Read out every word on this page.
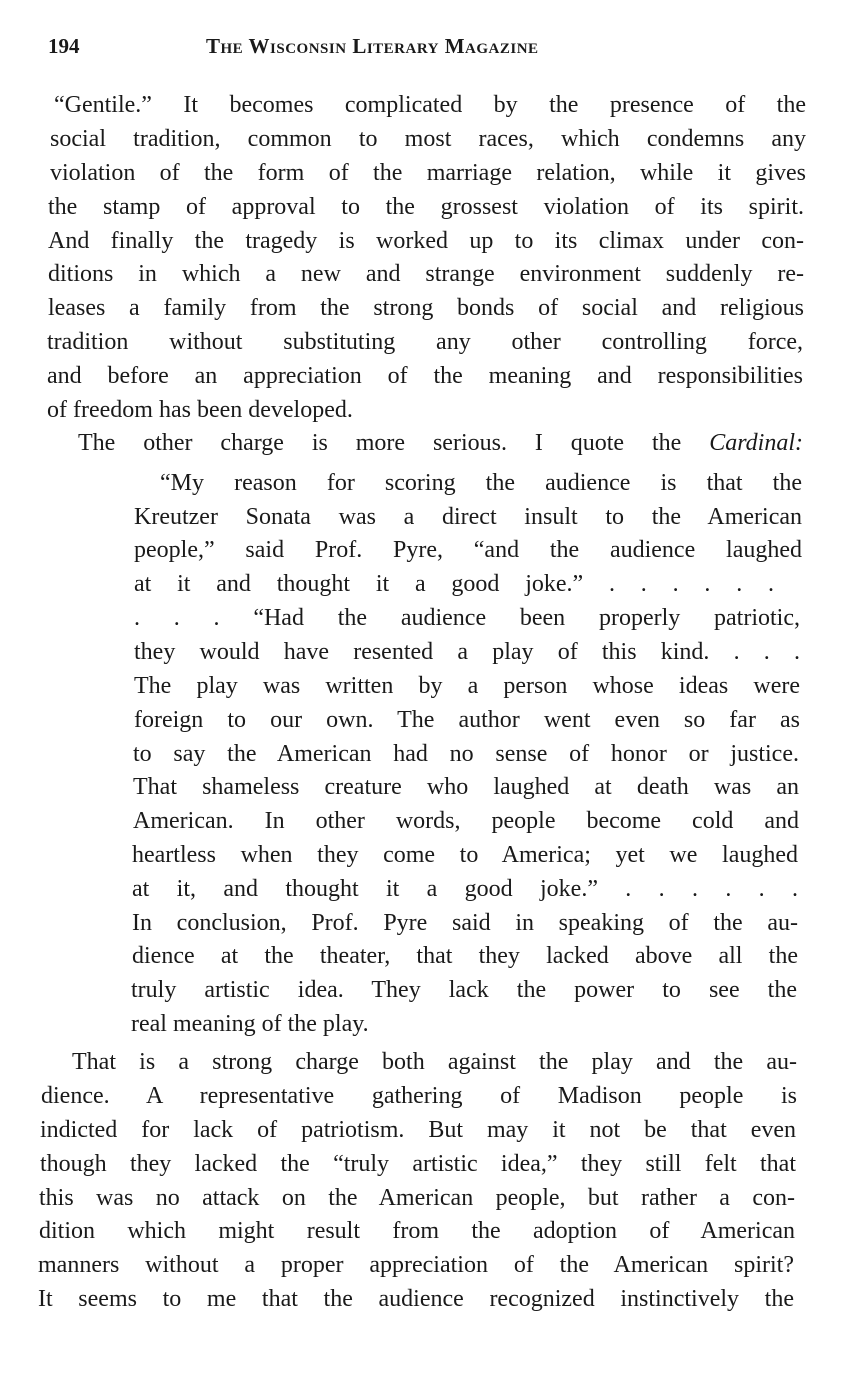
194	The Wisconsin Literary Magazine
“Gentile.” It becomes complicated by the presence of the
social tradition, common to most races, which condemns any
violation of the form of the marriage relation, while it gives
the stamp of approval to the grossest violation of its spirit.
And finally the tragedy is worked up to its climax under con-
ditions in which a new and strange environment suddenly re-
leases a family from the strong bonds of social and religious
tradition without substituting any other controlling force,
and before an appreciation of the meaning and responsibilities
of freedom has been developed.
The other charge is more serious. I quote the Cardinal:
“My reason for scoring the audience is that the
Kreutzer Sonata was a direct insult to the American
people,” said Prof. Pyre, “and the audience laughed
at it and thought it a good joke.” . . . . . .
. . . “Had the audience been properly patriotic,
they would have resented a play of this kind. . . .
The play was written by a person whose ideas were
foreign to our own. The author went even so far as
to say the American had no sense of honor or justice.
That shameless creature who laughed at death was an
American. In other words, people become cold and
heartless when they come to America; yet we laughed
at it, and thought it a good joke.” . . . . . .
In conclusion, Prof. Pyre said in speaking of the au-
dience at the theater, that they lacked above all the
truly artistic idea. They lack the power to see the
real meaning of the play.
That is a strong charge both against the play and the au-
dience. A representative gathering of Madison people is
indicted for lack of patriotism. But may it not be that even
though they lacked the “truly artistic idea,” they still felt that
this was no attack on the American people, but rather a con-
dition which might result from the adoption of American
manners without a proper appreciation of the American spirit?
It seems to me that the audience recognized instinctively the
